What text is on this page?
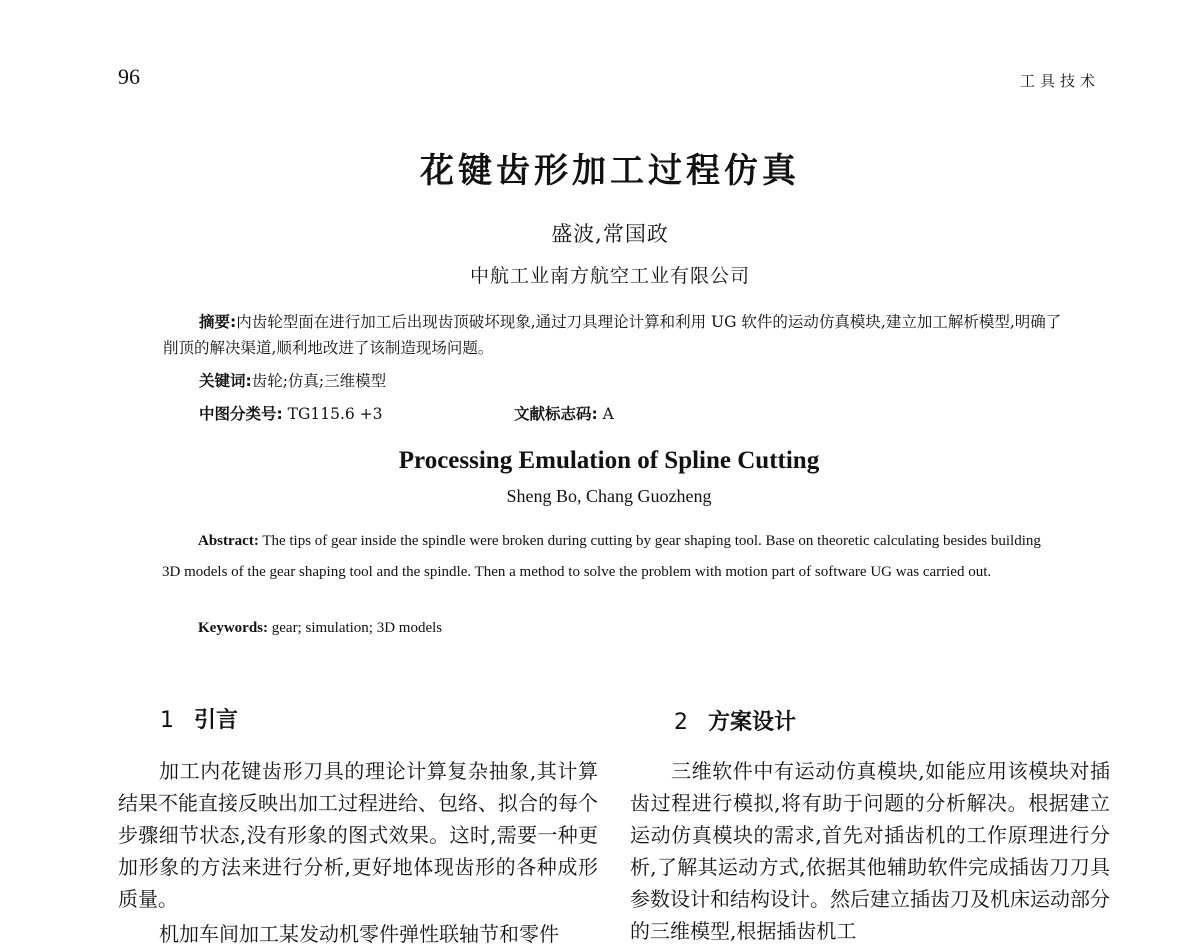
96	工具技术
花键齿形加工过程仿真
盛波,常国政
中航工业南方航空工业有限公司
摘要:内齿轮型面在进行加工后出现齿顶破坏现象,通过刀具理论计算和利用 UG 软件的运动仿真模块,建立加工解析模型,明确了削顶的解决渠道,顺利地改进了该制造现场问题。
关键词:齿轮;仿真;三维模型
中图分类号: TG115.6 +3	文献标志码: A
Processing Emulation of Spline Cutting
Sheng Bo, Chang Guozheng
Abstract: The tips of gear inside the spindle were broken during cutting by gear shaping tool. Base on theoretic calculating besides building 3D models of the gear shaping tool and the spindle. Then a method to solve the problem with motion part of software UG was carried out.
Keywords: gear; simulation; 3D models
1 引言

加工内花键齿形刀具的理论计算复杂抽象,其计算结果不能直接反映出加工过程进给、包络、拟合的每个步骤细节状态,没有形象的图式效果。这时,需要一种更加形象的方法来进行分析,更好地体现齿形的各种成形质量。

机加车间加工某发动机零件弹性联轴节和零件

2 方案设计

三维软件中有运动仿真模块,如能应用该模块对插齿过程进行模拟,将有助于问题的分析解决。根据建立运动仿真模块的需求,首先对插齿机的工作原理进行分析,了解其运动方式,依据其他辅助软件完成插齿刀刀具参数设计和结构设计。然后建立插齿刀及机床运动部分的三维模型,根据插齿机工
